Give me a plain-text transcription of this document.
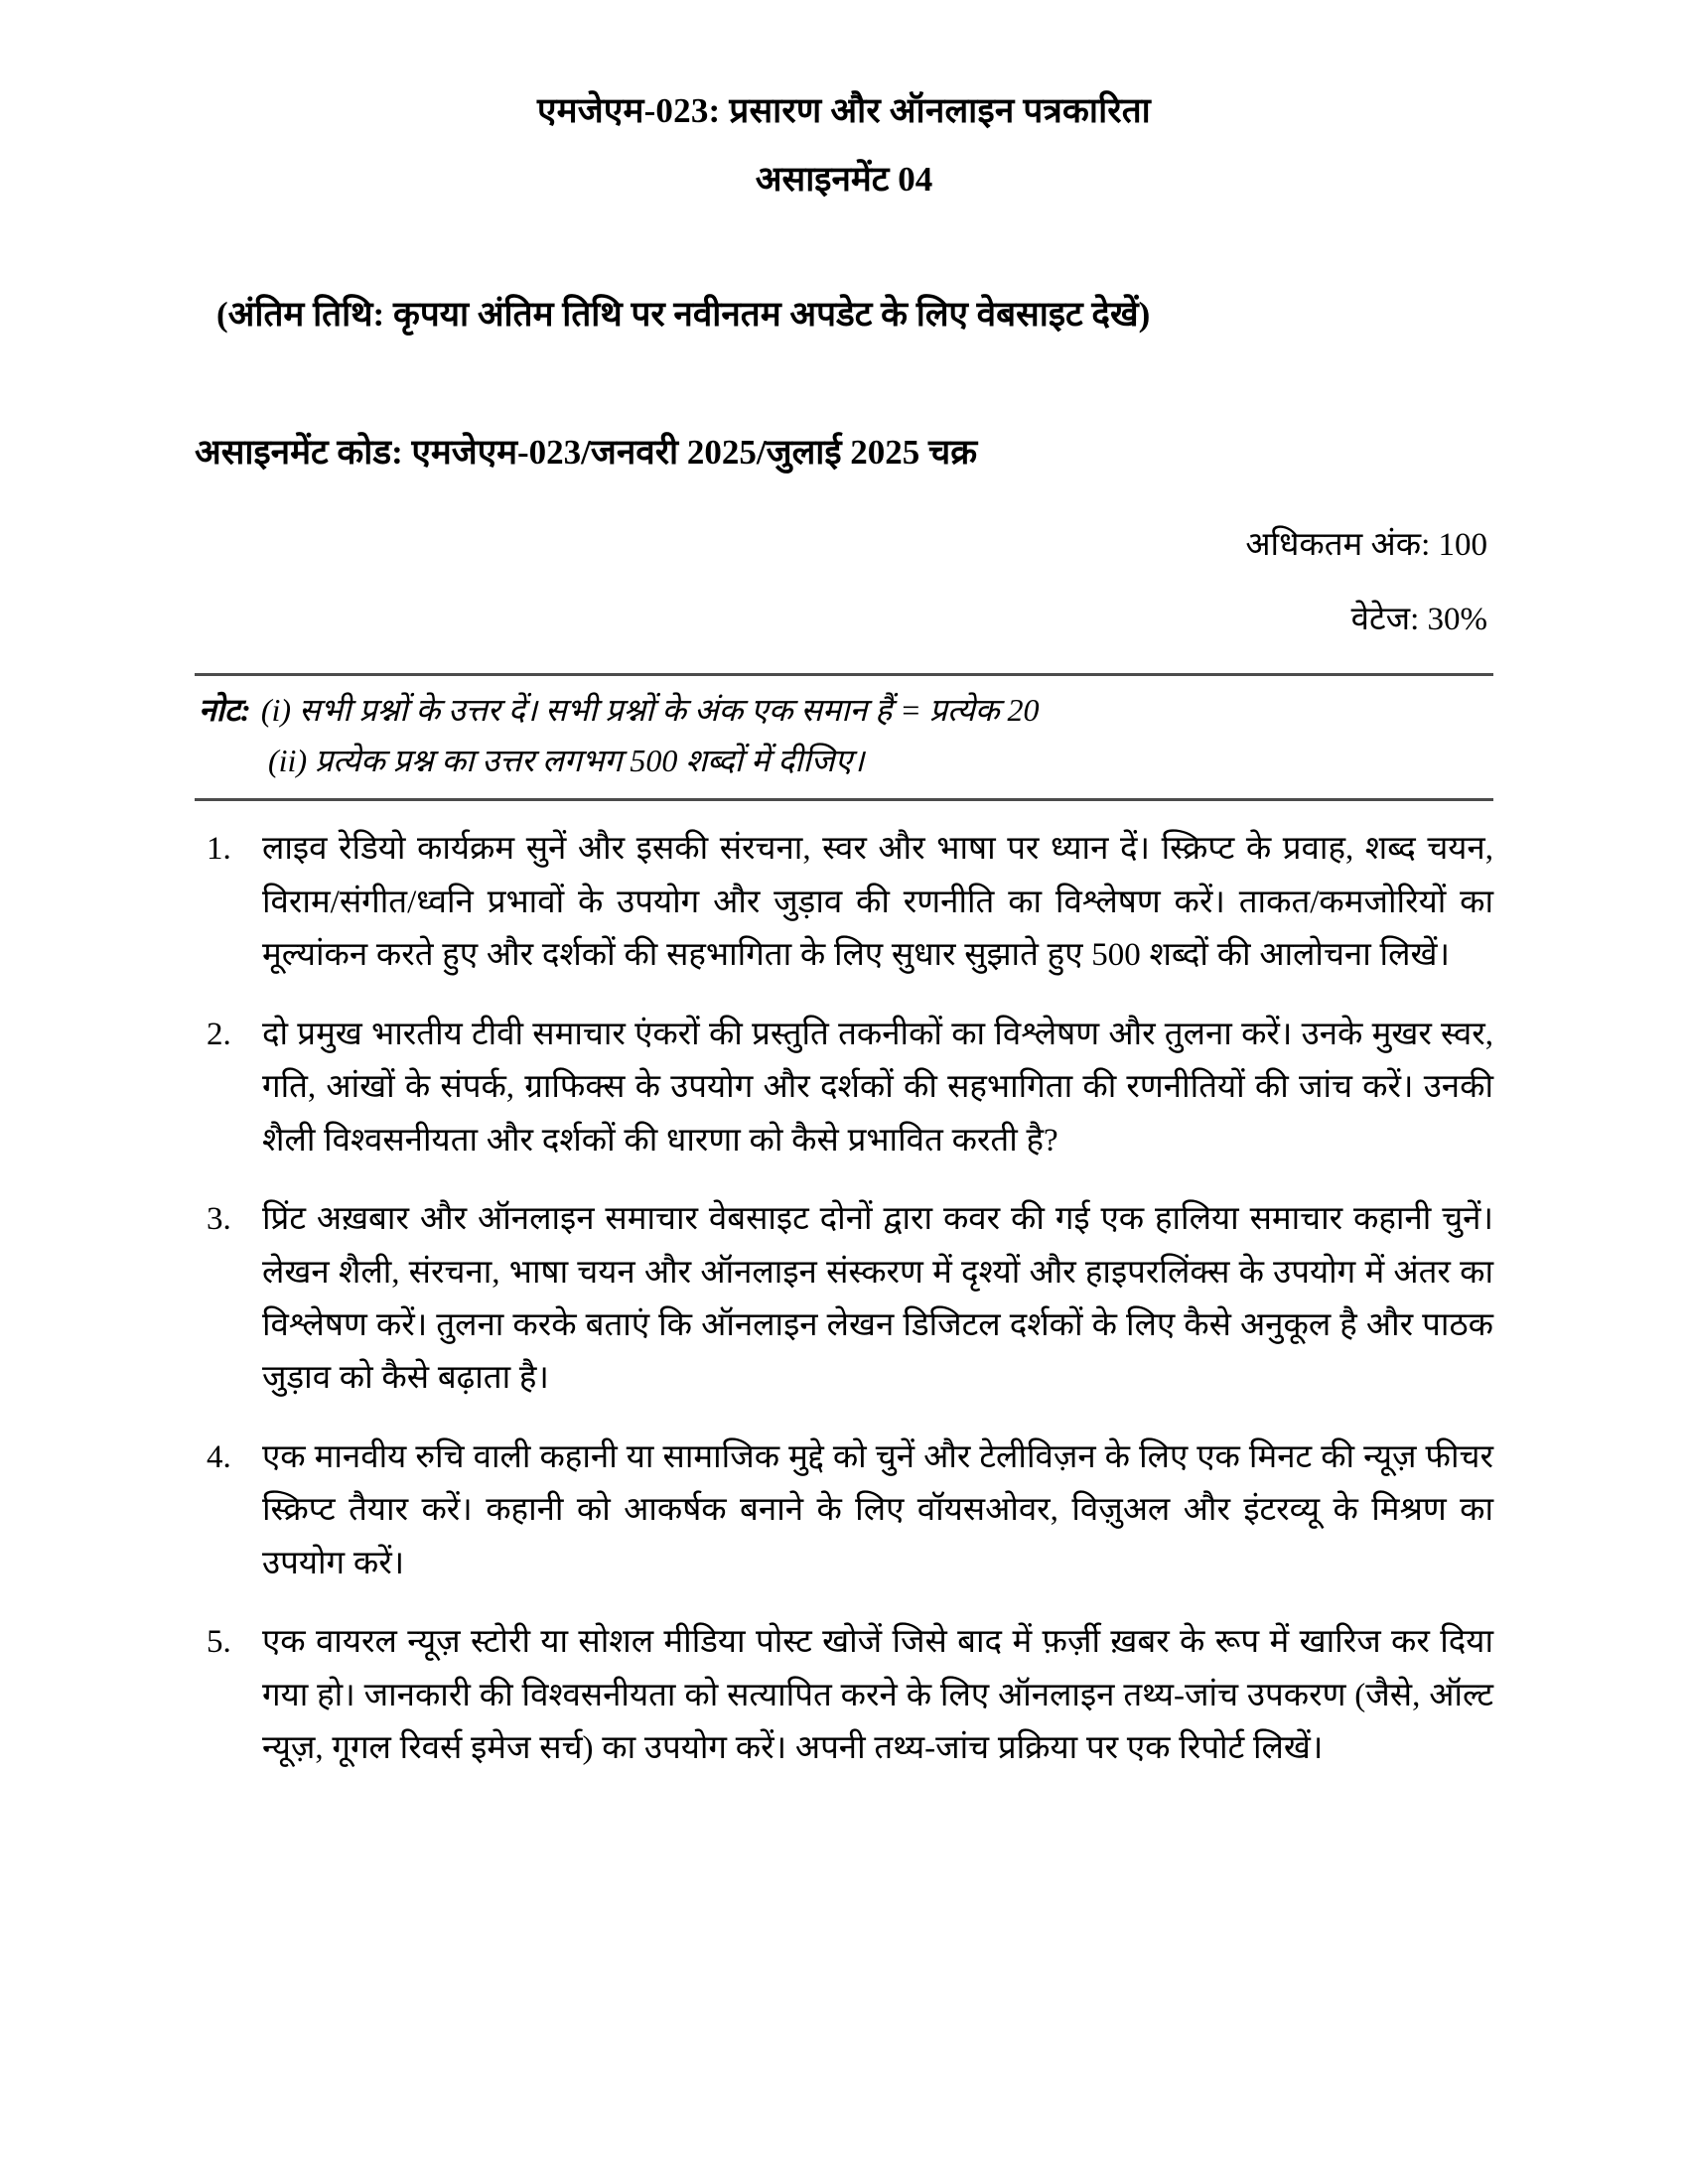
एमजेएम-023: प्रसारण और ऑनलाइन पत्रकारिता
असाइनमेंट 04

(अंतिम तिथि: कृपया अंतिम तिथि पर नवीनतम अपडेट के लिए वेबसाइट देखें)

असाइनमेंट कोड: एमजेएम-023/जनवरी 2025/जुलाई 2025 चक्र

अधिकतम अंक: 100

वेटेज: 30%

नोट: (i) सभी प्रश्नों के उत्तर दें। सभी प्रश्नों के अंक एक समान हैं = प्रत्येक 20

(ii) प्रत्येक प्रश्न का उत्तर लगभग 500 शब्दों में दीजिए।

1. लाइव रेडियो कार्यक्रम सुनें और इसकी संरचना, स्वर और भाषा पर ध्यान दें। स्क्रिप्ट के प्रवाह, शब्द चयन, विराम/संगीत/ध्वनि प्रभावों के उपयोग और जुड़ाव की रणनीति का विश्लेषण करें। ताकत/कमजोरियों का मूल्यांकन करते हुए और दर्शकों की सहभागिता के लिए सुधार सुझाते हुए 500 शब्दों की आलोचना लिखें।
2. दो प्रमुख भारतीय टीवी समाचार एंकरों की प्रस्तुति तकनीकों का विश्लेषण और तुलना करें। उनके मुखर स्वर, गति, आंखों के संपर्क, ग्राफिक्स के उपयोग और दर्शकों की सहभागिता की रणनीतियों की जांच करें। उनकी शैली विश्वसनीयता और दर्शकों की धारणा को कैसे प्रभावित करती है?
3. प्रिंट अख़बार और ऑनलाइन समाचार वेबसाइट दोनों द्वारा कवर की गई एक हालिया समाचार कहानी चुनें। लेखन शैली, संरचना, भाषा चयन और ऑनलाइन संस्करण में दृश्यों और हाइपरलिंक्स के उपयोग में अंतर का विश्लेषण करें। तुलना करके बताएं कि ऑनलाइन लेखन डिजिटल दर्शकों के लिए कैसे अनुकूल है और पाठक जुड़ाव को कैसे बढ़ाता है।
4. एक मानवीय रुचि वाली कहानी या सामाजिक मुद्दे को चुनें और टेलीविज़न के लिए एक मिनट की न्यूज़ फीचर स्क्रिप्ट तैयार करें। कहानी को आकर्षक बनाने के लिए वॉयसओवर, विज़ुअल और इंटरव्यू के मिश्रण का उपयोग करें।
5. एक वायरल न्यूज़ स्टोरी या सोशल मीडिया पोस्ट खोजें जिसे बाद में फ़र्ज़ी ख़बर के रूप में खारिज कर दिया गया हो। जानकारी की विश्वसनीयता को सत्यापित करने के लिए ऑनलाइन तथ्य-जांच उपकरण (जैसे, ऑल्ट न्यूज़, गूगल रिवर्स इमेज सर्च) का उपयोग करें। अपनी तथ्य-जांच प्रक्रिया पर एक रिपोर्ट लिखें।
